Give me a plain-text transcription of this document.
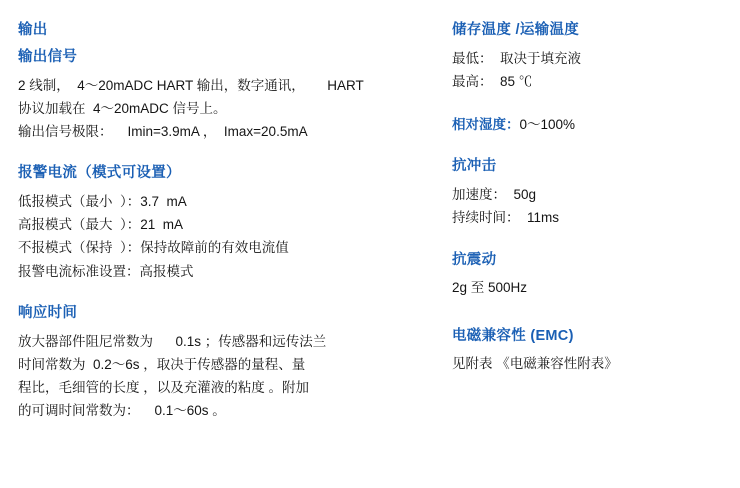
输出
输出信号

2 线制，  4～20mADC HART 输出，数字通讯，      HART

协议加载在  4～20mADC 信号上。

输出信号极限：    Imin=3.9mA ，  Imax=20.5mA

报警电流（模式可设置）

低报模式（最小  ）：3.7  mA

高报模式（最大  ）：21  mA

不报模式（保持  ）：保持故障前的有效电流值

报警电流标准设置：高报模式

响应时间

放大器部件阻尼常数为      0.1s ；传感器和远传法兰

时间常数为  0.2～6s ，取决于传感器的量程、量

程比，毛细管的长度 ，以及充灌液的粘度 。附加

的可调时间常数为：    0.1～60s 。

储存温度 /运输温度

最低：  取决于填充液

最高：  85 ℃

相对湿度： 0～100%
抗冲击

加速度：  50g

持续时间：  11ms

抗震动

2g 至 500Hz

电磁兼容性 (EMC)

见附表 《电磁兼容性附表》
